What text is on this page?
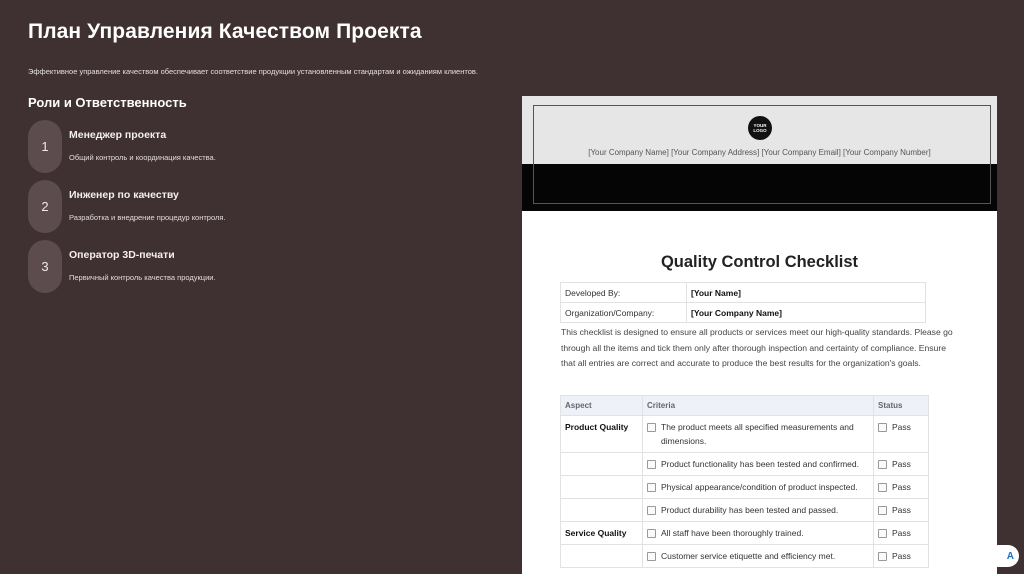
План Управления Качеством Проекта
Эффективное управление качеством обеспечивает соответствие продукции установленным стандартам и ожиданиям клиентов.
Роли и Ответственность
1
Менеджер проекта
Общий контроль и координация качества.
2
Инженер по качеству
Разработка и внедрение процедур контроля.
3
Оператор 3D-печати
Первичный контроль качества продукции.
YOUR LOGO
[Your Company Name] [Your Company Address] [Your Company Email] [Your Company Number]
Quality Control Checklist
Developed By:	[Your Name]
Organization/Company:	[Your Company Name]
This checklist is designed to ensure all products or services meet our high-quality standards. Please go through all the items and tick them only after thorough inspection and certainty of compliance. Ensure that all entries are correct and accurate to produce the best results for the organization's goals.
Aspect	Criteria	Status
Product Quality	The product meets all specified measurements and dimensions.	Pass

	Product functionality has been tested and confirmed.	Pass

	Physical appearance/condition of product inspected.	Pass

	Product durability has been tested and passed.	Pass
Service Quality	All staff have been thoroughly trained.	Pass

	Customer service etiquette and efficiency met.	Pass	A
